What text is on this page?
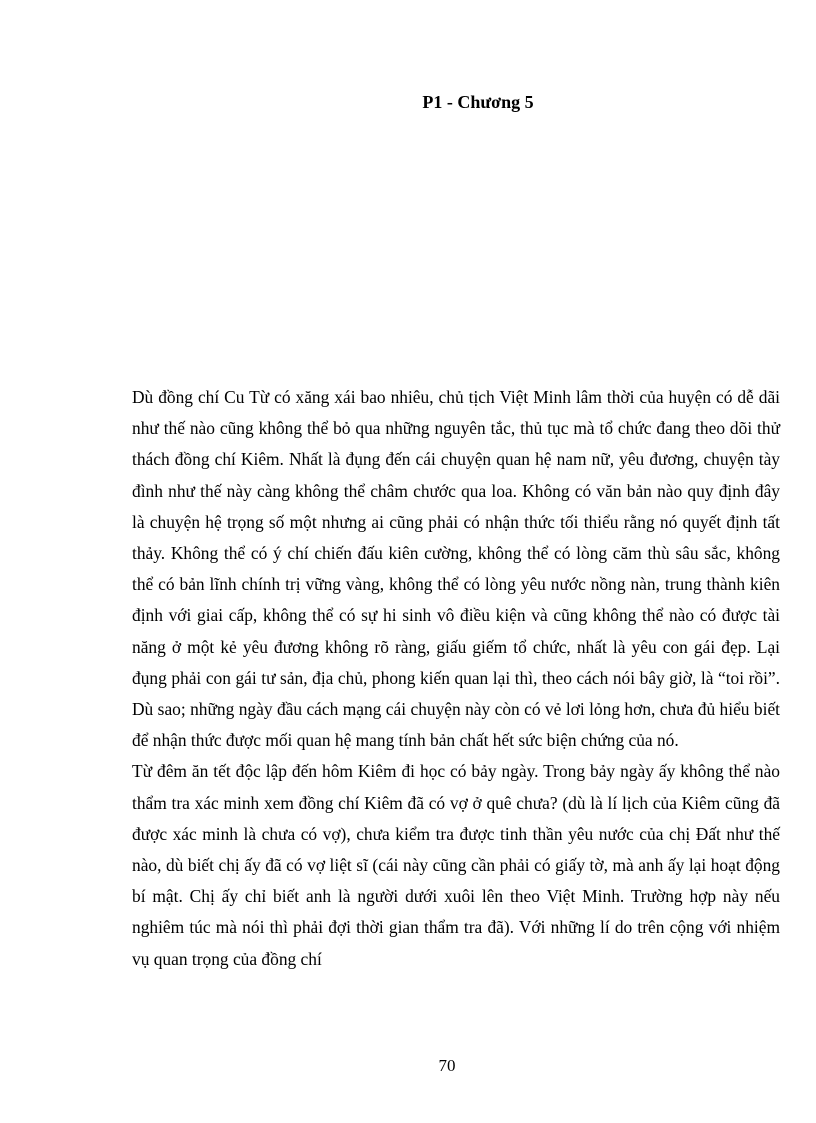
P1 - Chương 5

Dù đồng chí Cu Từ có xăng xái bao nhiêu, chủ tịch Việt Minh lâm thời của huyện có dễ dãi như thế nào cũng không thể bỏ qua những nguyên tắc, thủ tục mà tổ chức đang theo dõi thử thách đồng chí Kiêm. Nhất là đụng đến cái chuyện quan hệ nam nữ, yêu đương, chuyện tày đình như thế này càng không thể châm chước qua loa. Không có văn bản nào quy định đây là chuyện hệ trọng số một nhưng ai cũng phải có nhận thức tối thiểu rằng nó quyết định tất thảy. Không thể có ý chí chiến đấu kiên cường, không thể có lòng căm thù sâu sắc, không thể có bản lĩnh chính trị vững vàng, không thể có lòng yêu nước nồng nàn, trung thành kiên định với giai cấp, không thể có sự hi sinh vô điều kiện và cũng không thể nào có được tài năng ở một kẻ yêu đương không rõ ràng, giấu giếm tổ chức, nhất là yêu con gái đẹp. Lại đụng phải con gái tư sản, địa chủ, phong kiến quan lại thì, theo cách nói bây giờ, là “toi rồi”. Dù sao; những ngày đầu cách mạng cái chuyện này còn có vẻ lơi lỏng hơn, chưa đủ hiểu biết để nhận thức được mối quan hệ mang tính bản chất hết sức biện chứng của nó.

Từ đêm ăn tết độc lập đến hôm Kiêm đi học có bảy ngày. Trong bảy ngày ấy không thể nào thẩm tra xác minh xem đồng chí Kiêm đã có vợ ở quê chưa? (dù là lí lịch của Kiêm cũng đã được xác minh là chưa có vợ), chưa kiểm tra được tinh thần yêu nước của chị Đất như thế nào, dù biết chị ấy đã có vợ liệt sĩ (cái này cũng cần phải có giấy tờ, mà anh ấy lại hoạt động bí mật. Chị ấy chỉ biết anh là người dưới xuôi lên theo Việt Minh. Trường hợp này nếu nghiêm túc mà nói thì phải đợi thời gian thẩm tra đã). Với những lí do trên cộng với nhiệm vụ quan trọng của đồng chí

70
